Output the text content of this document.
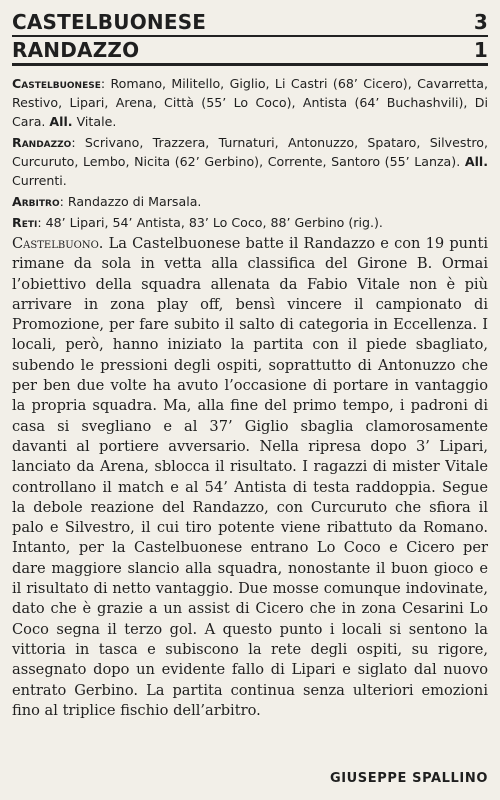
CASTELBUONESE	3
RANDAZZO	1

Castelbuonese: Romano, Militello, Giglio, Li Castri (68’ Cicero), Cavarretta, Restivo, Lipari, Arena, Città (55’ Lo Coco), Antista (64’ Buchashvili), Di Cara. All. Vitale.

Randazzo: Scrivano, Trazzera, Turnaturi, Antonuzzo, Spataro, Silvestro, Curcuruto, Lembo, Nicita (62’ Gerbino), Corrente, Santoro (55’ Lanza). All. Currenti.

Arbitro: Randazzo di Marsala.

Reti: 48’ Lipari, 54’ Antista, 83’ Lo Coco, 88’ Gerbino (rig.).

Castelbuono. La Castelbuonese batte il Randazzo e con 19 punti rimane da sola in vetta alla classifica del Girone B. Ormai l’obiettivo della squadra allenata da Fabio Vitale non è più arrivare in zona play off, bensì vincere il campionato di Promozione, per fare subito il salto di categoria in Eccellenza. I locali, però, hanno iniziato la partita con il piede sbagliato, subendo le pressioni degli ospiti, soprattutto di Antonuzzo che per ben due volte ha avuto l’occasione di portare in vantaggio la propria squadra. Ma, alla fine del primo tempo, i padroni di casa si svegliano e al 37’ Giglio sbaglia clamorosamente davanti al portiere avversario. Nella ripresa dopo 3’ Lipari, lanciato da Arena, sblocca il risultato. I ragazzi di mister Vitale controllano il match e al 54’ Antista di testa raddoppia. Segue la debole reazione del Randazzo, con Curcuruto che sfiora il palo e Silvestro, il cui tiro potente viene ribattuto da Romano. Intanto, per la Castelbuonese entrano Lo Coco e Cicero per dare maggiore slancio alla squadra, nonostante il buon gioco e il risultato di netto vantaggio. Due mosse comunque indovinate, dato che è grazie a un assist di Cicero che in zona Cesarini Lo Coco segna il terzo gol. A questo punto i locali si sentono la vittoria in tasca e subiscono la rete degli ospiti, su rigore, assegnato dopo un evidente fallo di Lipari e siglato dal nuovo entrato Gerbino. La partita continua senza ulteriori emozioni fino al triplice fischio dell’arbitro.

GIUSEPPE SPALLINO
